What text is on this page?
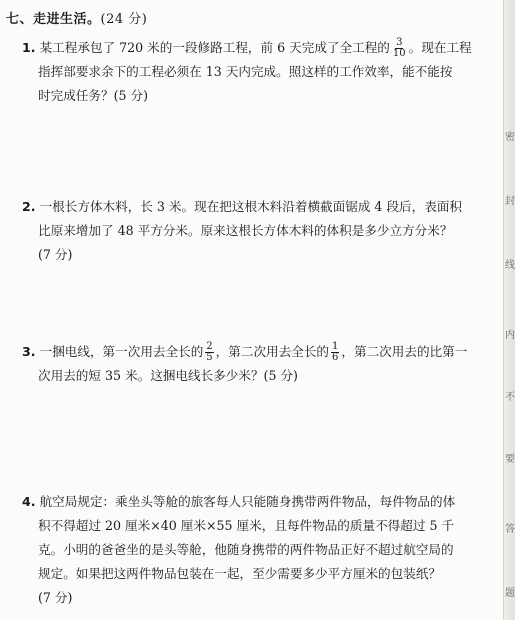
七、走进生活。(24 分)
1. 某工程承包了 720 米的一段修路工程，前 6 天完成了全工程的 $\frac{3}{10}$ 。现在工程
指挥部要求余下的工程必须在 13 天内完成。照这样的工作效率，能不能按
时完成任务？(5 分)
2. 一根长方体木料，长 3 米。现在把这根木料沿着横截面锯成 4 段后，表面积
比原来增加了 48 平方分米。原来这根长方体木料的体积是多少立方分米？
(7 分)
3. 一捆电线，第一次用去全长的 $\frac{2}{5}$ ，第二次用去全长的 $\frac{1}{6}$ ，第二次用去的比第一
次用去的短 35 米。这捆电线长多少米？(5 分)
4. 航空局规定：乘坐头等舱的旅客每人只能随身携带两件物品，每件物品的体
积不得超过 20 厘米×40 厘米×55 厘米，且每件物品的质量不得超过 5 千
克。小明的爸爸坐的是头等舱，他随身携带的两件物品正好不超过航空局的
规定。如果把这两件物品包装在一起，至少需要多少平方厘米的包装纸？
(7 分)
密
封
线
内
不
要
答
题
